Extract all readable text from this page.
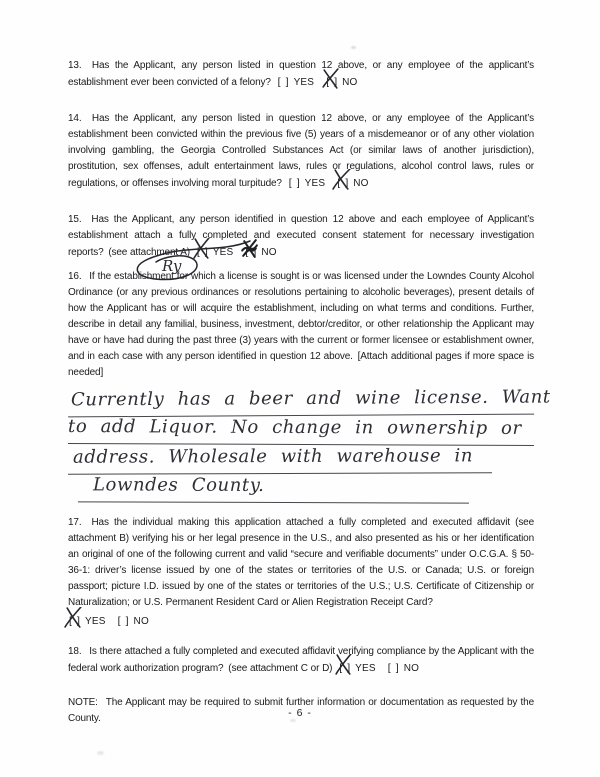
13.  Has the Applicant, any person listed in question 12 above, or any employee of the applicant’s establishment ever been convicted of a felony? [ ] YES [ ] NO

14.  Has the Applicant, any person listed in question 12 above, or any employee of the Applicant’s establishment been convicted within the previous five (5) years of a misdemeanor or of any other violation involving gambling, the Georgia Controlled Substances Act (or similar laws of another jurisdiction), prostitution, sex offenses, adult entertainment laws, rules or regulations, alcohol control laws, rules or regulations, or offenses involving moral turpitude? [ ] YES [ ] NO

15.  Has the Applicant, any person identified in question 12 above and each employee of Applicant’s establishment attach a fully completed and executed consent statement for necessary investigation reports? (see attachment A) [ ] YES [ ] NO
Ry

16.  If the establishment for which a license is sought is or was licensed under the Lowndes County Alcohol Ordinance (or any previous ordinances or resolutions pertaining to alcoholic beverages), present details of how the Applicant has or will acquire the establishment, including on what terms and conditions. Further, describe in detail any familial, business, investment, debtor/creditor, or other relationship the Applicant may have or have had during the past three (3) years with the current or former licensee or establishment owner, and in each case with any person identified in question 12 above. [Attach additional pages if more space is needed]

Currently has a beer and wine license. Want
to add Liquor. No change in ownership or
address. Wholesale with warehouse in
Lowndes County.

17.  Has the individual making this application attached a fully completed and executed affidavit (see attachment B) verifying his or her legal presence in the U.S., and also presented as his or her identification an original of one of the following current and valid “secure and verifiable documents” under O.C.G.A. § 50-36-1: driver’s license issued by one of the states or territories of the U.S. or Canada; U.S. or foreign passport; picture I.D. issued by one of the states or territories of the U.S.; U.S. Certificate of Citizenship or Naturalization; or U.S. Permanent Resident Card or Alien Registration Receipt Card?
[ ] YES [ ] NO

18.  Is there attached a fully completed and executed affidavit verifying compliance by the Applicant with the federal work authorization program? (see attachment C or D) [ ] YES [ ] NO

NOTE:  The Applicant may be required to submit further information or documentation as requested by the County.	- 6 -
